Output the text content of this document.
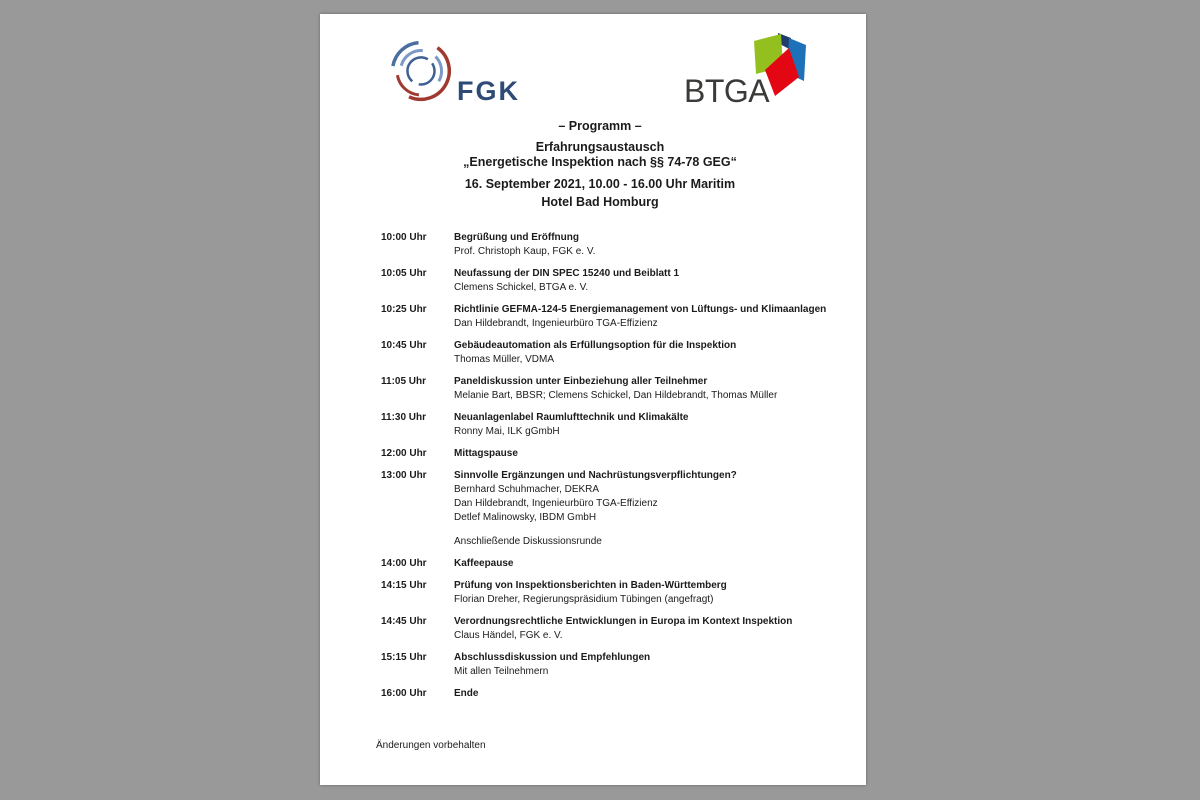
FGK	BTGA
– Programm –
Erfahrungsaustausch
„Energetische Inspektion nach §§ 74-78 GEG“
16. September 2021, 10.00 - 16.00 Uhr Maritim
Hotel Bad Homburg
10:00 Uhr	Begrüßung und Eröffnung
Prof. Christoph Kaup, FGK e. V.
10:05 Uhr	Neufassung der DIN SPEC 15240 und Beiblatt 1
Clemens Schickel, BTGA e. V.
10:25 Uhr	Richtlinie GEFMA-124-5 Energiemanagement von Lüftungs- und Klimaanlagen
Dan Hildebrandt, Ingenieurbüro TGA-Effizienz
10:45 Uhr	Gebäudeautomation als Erfüllungsoption für die Inspektion
Thomas Müller, VDMA
11:05 Uhr	Paneldiskussion unter Einbeziehung aller Teilnehmer
Melanie Bart, BBSR; Clemens Schickel, Dan Hildebrandt, Thomas Müller
11:30 Uhr	Neuanlagenlabel Raumlufttechnik und Klimakälte
Ronny Mai, ILK gGmbH
12:00 Uhr	Mittagspause
13:00 Uhr	Sinnvolle Ergänzungen und Nachrüstungsverpflichtungen?
Bernhard Schuhmacher, DEKRA
Dan Hildebrandt, Ingenieurbüro TGA-Effizienz
Detlef Malinowsky, IBDM GmbH
Anschließende Diskussionsrunde
14:00 Uhr	Kaffeepause
14:15 Uhr	Prüfung von Inspektionsberichten in Baden-Württemberg
Florian Dreher, Regierungspräsidium Tübingen (angefragt)
14:45 Uhr	Verordnungsrechtliche Entwicklungen in Europa im Kontext Inspektion
Claus Händel, FGK e. V.
15:15 Uhr	Abschlussdiskussion und Empfehlungen
Mit allen Teilnehmern
16:00 Uhr	Ende
Änderungen vorbehalten
